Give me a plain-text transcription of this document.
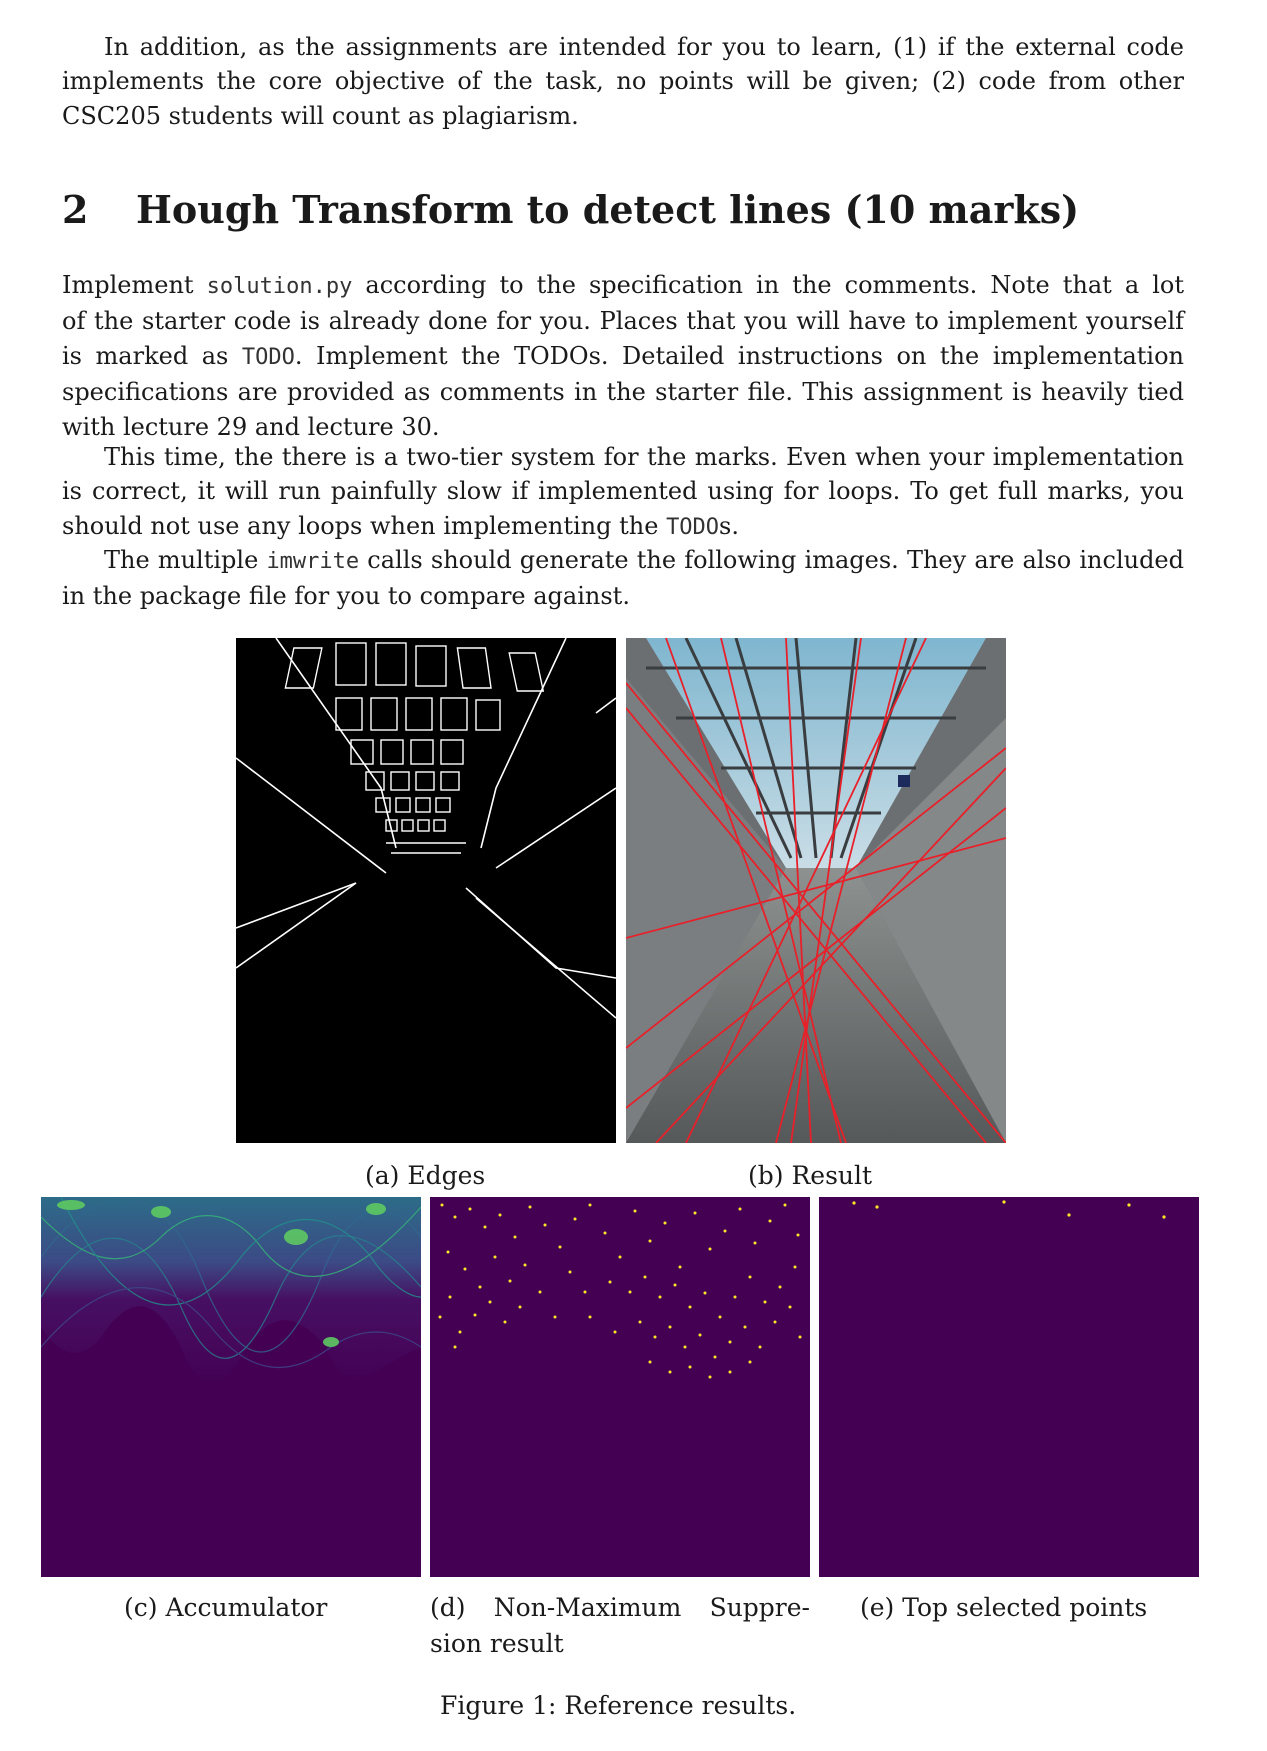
In addition, as the assignments are intended for you to learn, (1) if the external code
implements the core objective of the task, no points will be given; (2) code from other
CSC205 students will count as plagiarism.
2 Hough Transform to detect lines (10 marks)
Implement solution.py according to the specification in the comments. Note that a lot
of the starter code is already done for you. Places that you will have to implement yourself
is marked as TODO. Implement the TODOs. Detailed instructions on the implementation
specifications are provided as comments in the starter file. This assignment is heavily tied
with lecture 29 and lecture 30.
This time, the there is a two-tier system for the marks. Even when your implementation
is correct, it will run painfully slow if implemented using for loops. To get full marks, you
should not use any loops when implementing the TODOs.
The multiple imwrite calls should generate the following images. They are also included
in the package file for you to compare against.
(a) Edges	(b) Result
(c) Accumulator	(d) Non-Maximum Suppre-
sion result
(e) Top selected points
Figure 1: Reference results.
